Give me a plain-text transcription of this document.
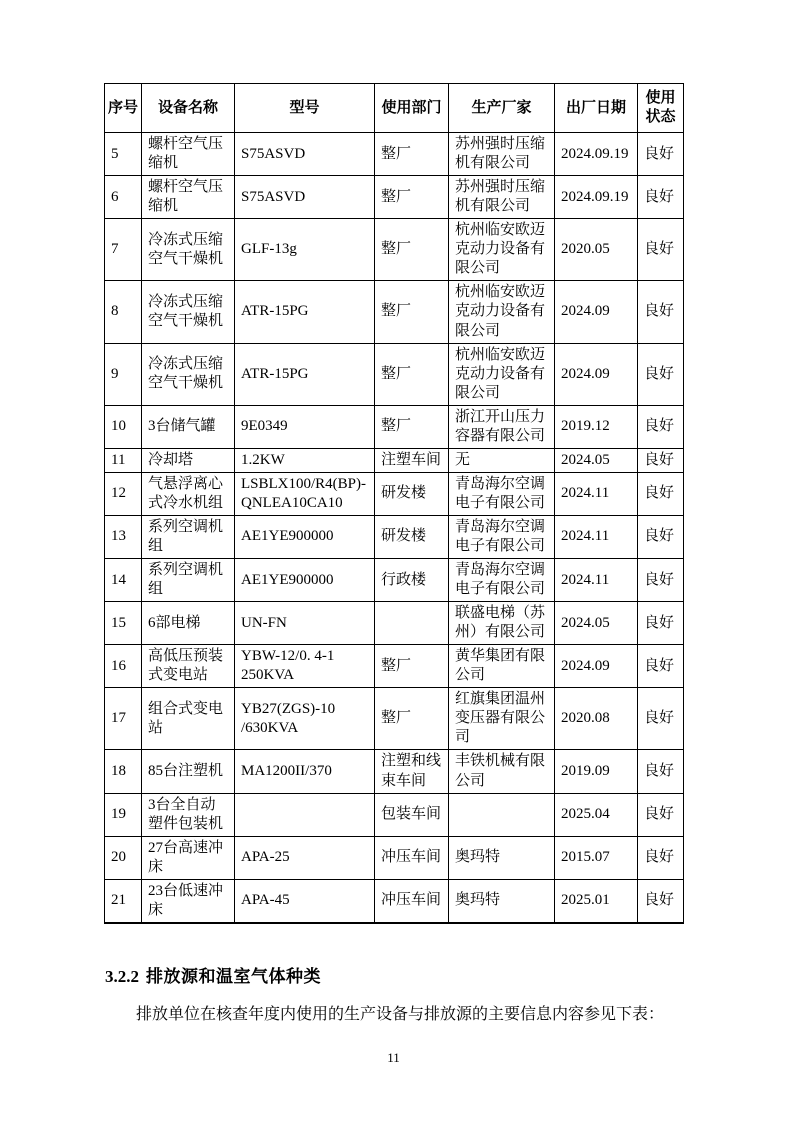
序号	设备名称	型号	使用部门	生产厂家	出厂日期	使用状态
5	螺杆空气压缩机	S75ASVD	整厂	苏州强时压缩机有限公司	2024.09.19	良好
6	螺杆空气压缩机	S75ASVD	整厂	苏州强时压缩机有限公司	2024.09.19	良好
7	冷冻式压缩空气干燥机	GLF-13g	整厂	杭州临安欧迈克动力设备有限公司	2020.05	良好
8	冷冻式压缩空气干燥机	ATR-15PG	整厂	杭州临安欧迈克动力设备有限公司	2024.09	良好
9	冷冻式压缩空气干燥机	ATR-15PG	整厂	杭州临安欧迈克动力设备有限公司	2024.09	良好
10	3台储气罐	9E0349	整厂	浙江开山压力容器有限公司	2019.12	良好
11	冷却塔	1.2KW	注塑车间	无	2024.05	良好
12	气悬浮离心式冷水机组	LSBLX100/R4(BP)-QNLEA10CA10	研发楼	青岛海尔空调电子有限公司	2024.11	良好
13	系列空调机组	AE1YE900000	研发楼	青岛海尔空调电子有限公司	2024.11	良好
14	系列空调机组	AE1YE900000	行政楼	青岛海尔空调电子有限公司	2024.11	良好
15	6部电梯	UN-FN		联盛电梯（苏州）有限公司	2024.05	良好
16	高低压预装式变电站	YBW-12/0. 4-1 250KVA	整厂	黄华集团有限公司	2024.09	良好
17	组合式变电站	YB27(ZGS)-10 /630KVA	整厂	红旗集团温州变压器有限公司	2020.08	良好
18	85台注塑机	MA1200II/370	注塑和线束车间	丰铁机械有限公司	2019.09	良好
19	3台全自动塑件包装机		包装车间		2025.04	良好
20	27台高速冲床	APA-25	冲压车间	奥玛特	2015.07	良好
21	23台低速冲床	APA-45	冲压车间	奥玛特	2025.01	良好
3.2.2 排放源和温室气体种类

排放单位在核查年度内使用的生产设备与排放源的主要信息内容参见下表：

11
